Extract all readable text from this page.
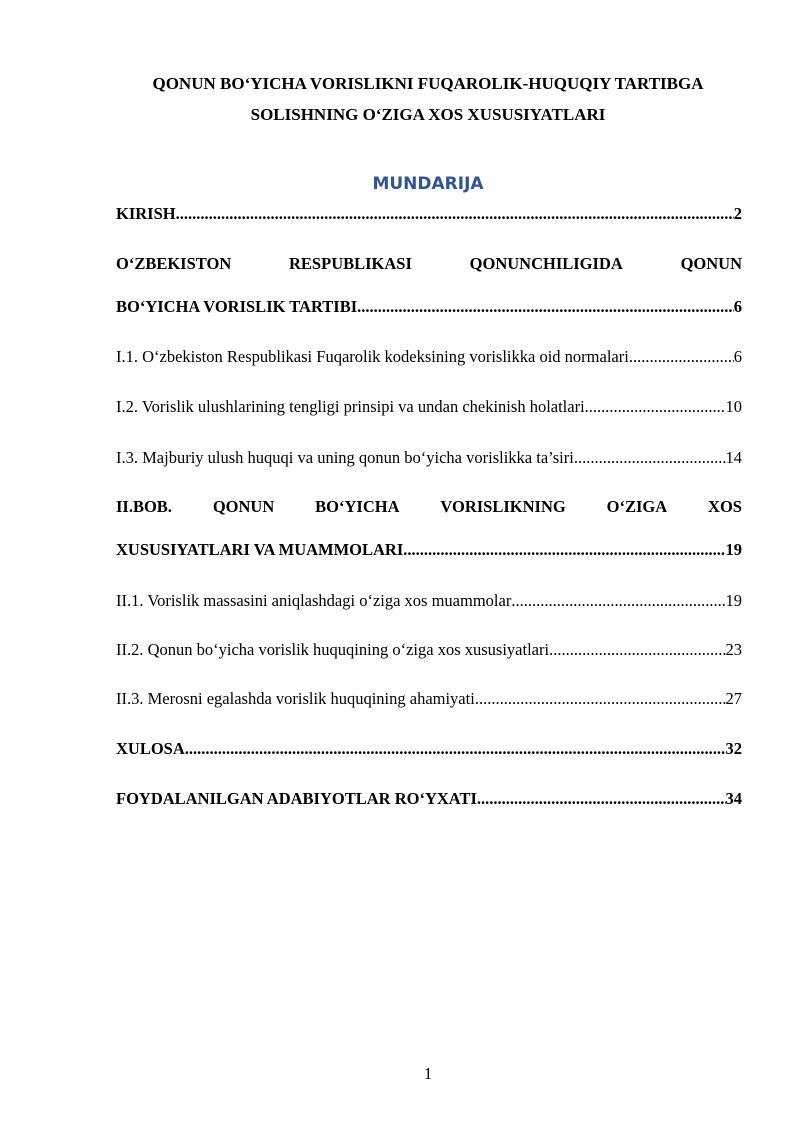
QONUN BO‘YICHA VORISLIKNI FUQAROLIK-HUQUQIY TARTIBGA
SOLISHNING O‘ZIGA XOS XUSUSIYATLARI
MUNDARIJA
KIRISH .....	2
O‘ZBEKISTON	RESPUBLIKASI	QONUNCHILIGIDA	QONUN
BO‘YICHA VORISLIK TARTIBI .....	6
I.1. O‘zbekiston Respublikasi Fuqarolik kodeksining vorislikka oid normalari .....	6
I.2. Vorislik ulushlarining tengligi prinsipi va undan chekinish holatlari .....	10
I.3. Majburiy ulush huquqi va uning qonun bo‘yicha vorislikka ta’siri .....	14
II.BOB. QONUN BO‘YICHA VORISLIKNING O‘ZIGA XOS
XUSUSIYATLARI VA MUAMMOLARI .....	19
II.1. Vorislik massasini aniqlashdagi o‘ziga xos muammolar .....	19
II.2. Qonun bo‘yicha vorislik huquqining o‘ziga xos xususiyatlari .....	23
II.3. Merosni egalashda vorislik huquqining ahamiyati .....	27
XULOSA .....	32
FOYDALANILGAN ADABIYOTLAR RO‘YXATI .....	34
1
